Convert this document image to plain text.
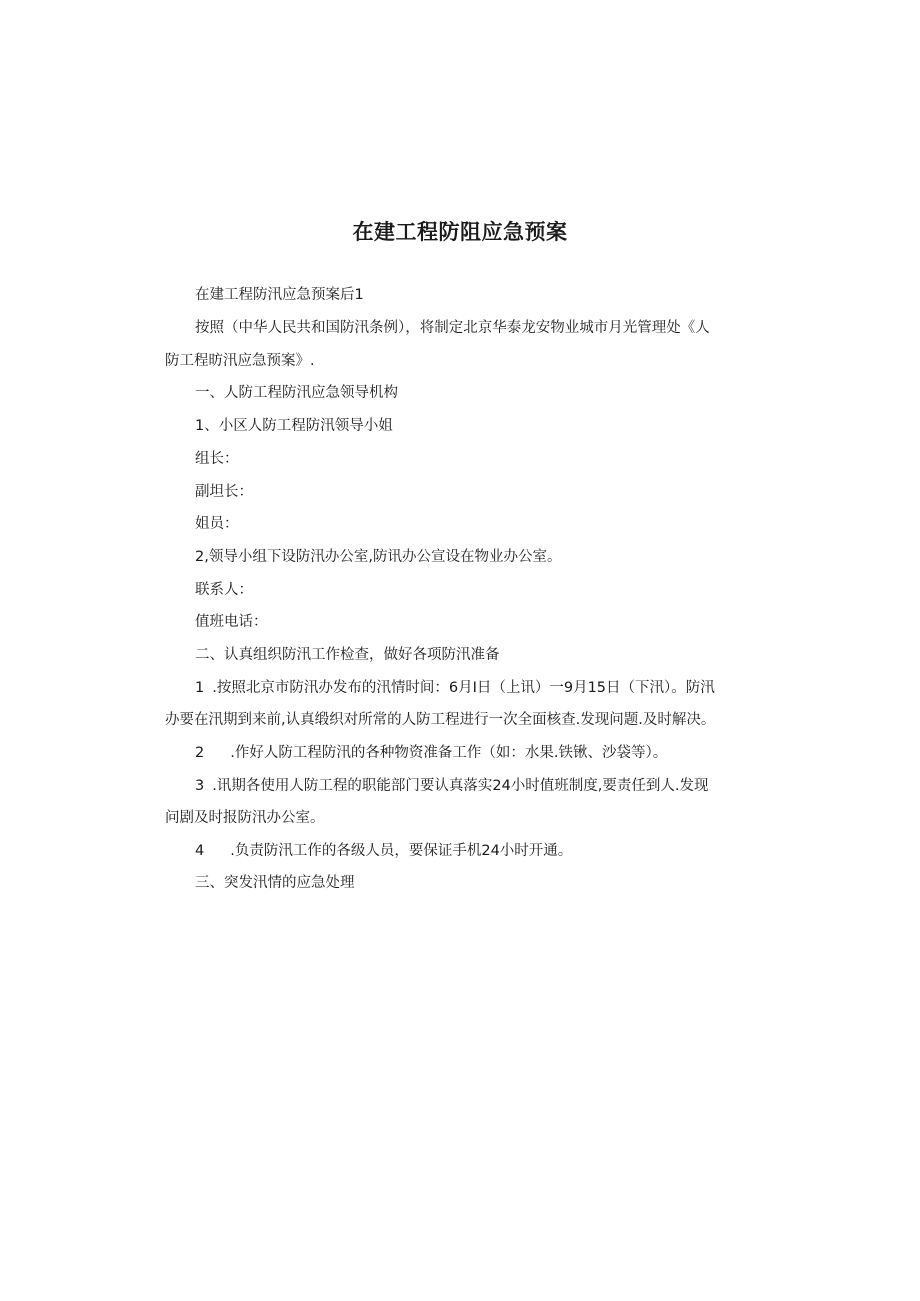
在建工程防阻应急预案
在建工程防汛应急预案后1
按照（中华人民共和国防汛条例），将制定北京华泰龙安物业城市月光管理处《人
防工程昉汛应急预案》.
一、人防工程防汛应急领导机构
1、小区人防工程防汛领导小姐
组长：
副坦长：
姐员：
2,领导小组下设防汛办公室,防讯办公宣设在物业办公室。
联系人：
值班电话：
二、认真组织防汛工作检查，做好各项防汛准备
1 .按照北京市防汛办发布的汛情时间：6月I日（上讯）一9月15日（下汛）。防汛
办要在汛期到来前,认真缎织对所常的人防工程进行一次全面核查.发现问题.及时解决。
2 .作好人防工程防汛的各种物资准备工作（如：水果.铁锹、沙袋等）。
3 .讯期各使用人防工程的职能部门要认真落实24小时值班制度,要责任到人.发现
问剧及时报防汛办公室。
4 .负责防汛工作的各级人员，要保证手机24小时开通。
三、突发汛情的应急处理
